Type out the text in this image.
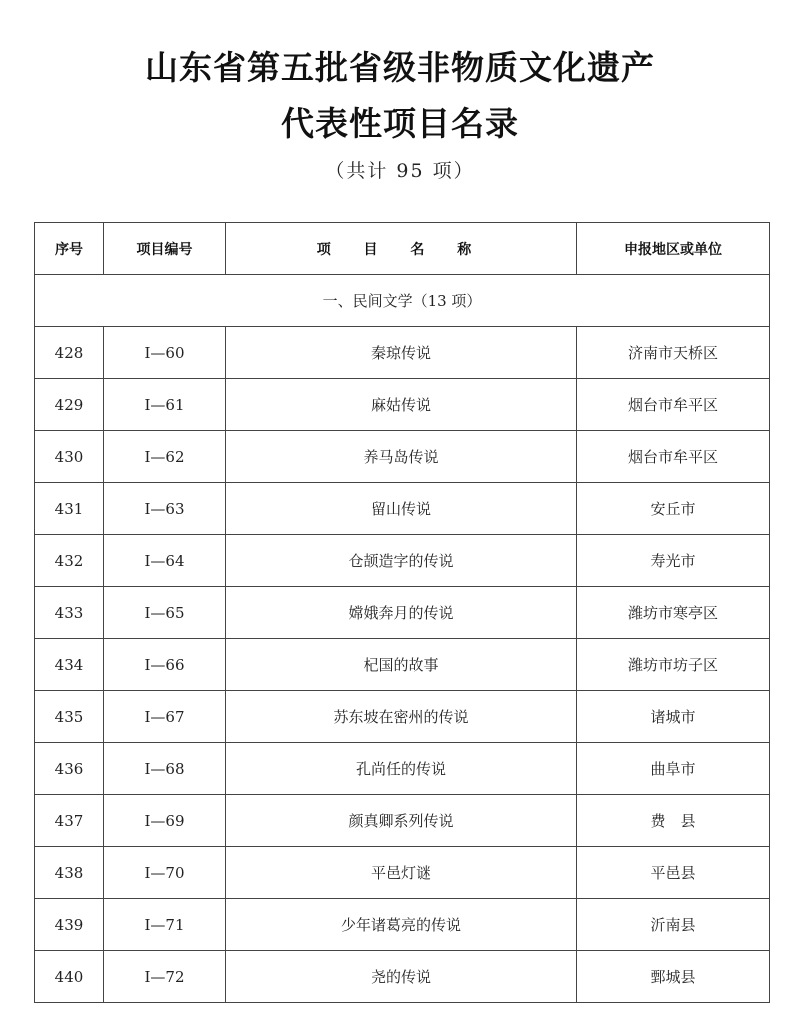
山东省第五批省级非物质文化遗产
代表性项目名录
（共计 95 项）
序号	项目编号	项 目 名 称	申报地区或单位
一、民间文学（13 项）			
428	I—60	秦琼传说	济南市天桥区
429	I—61	麻姑传说	烟台市牟平区
430	I—62	养马岛传说	烟台市牟平区
431	I—63	留山传说	安丘市
432	I—64	仓颉造字的传说	寿光市
433	I—65	嫦娥奔月的传说	潍坊市寒亭区
434	I—66	杞国的故事	潍坊市坊子区
435	I—67	苏东坡在密州的传说	诸城市
436	I—68	孔尚任的传说	曲阜市
437	I—69	颜真卿系列传说	费　县
438	I—70	平邑灯谜	平邑县
439	I—71	少年诸葛亮的传说	沂南县
440	I—72	尧的传说	鄄城县
